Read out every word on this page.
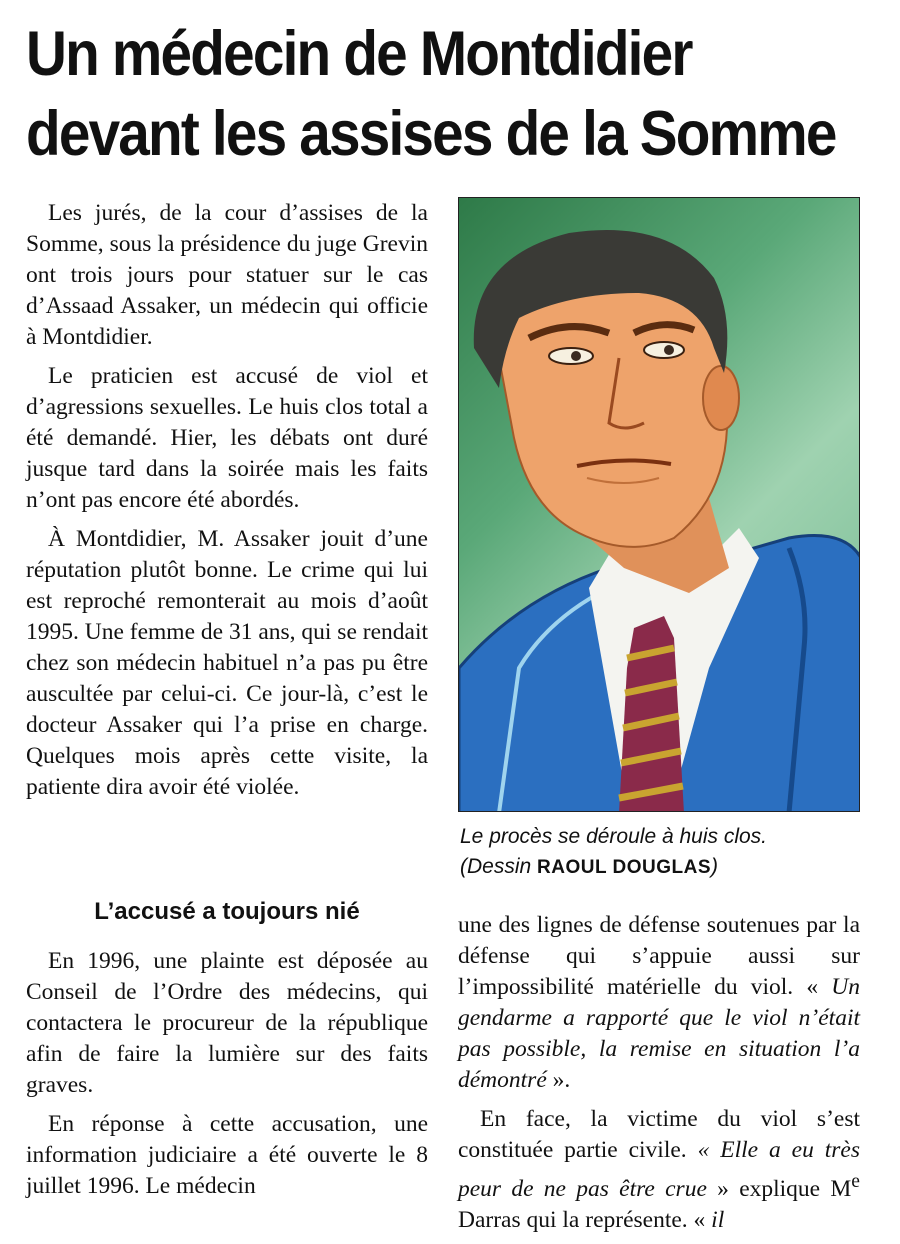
Un médecin de Montdidier
devant les assises de la Somme

Les jurés, de la cour d’assises de la Somme, sous la présidence du juge Grevin ont trois jours pour statuer sur le cas d’Assaad Assaker, un médecin qui officie à Montdidier.

Le praticien est accusé de viol et d’agressions sexuelles. Le huis clos total a été demandé. Hier, les débats ont duré jusque tard dans la soirée mais les faits n’ont pas encore été abordés.

À Montdidier, M. Assaker jouit d’une réputation plutôt bonne. Le crime qui lui est reproché remonterait au mois d’août 1995. Une femme de 31 ans, qui se rendait chez son médecin habituel n’a pas pu être auscultée par celui-ci. Ce jour-là, c’est le docteur Assaker qui l’a prise en charge. Quelques mois après cette visite, la patiente dira avoir été violée.

L’accusé a toujours nié

En 1996, une plainte est déposée au Conseil de l’Ordre des médecins, qui contactera le procureur de la république afin de faire la lumière sur des faits graves.

En réponse à cette accusation, une information judiciaire a été ouverte le 8 juillet 1996. Le médecin

Le procès se déroule à huis clos.
(Dessin RAOUL DOUGLAS)

une des lignes de défense soutenues par la défense qui s’appuie aussi sur l’impossibilité matérielle du viol. « Un gendarme a rapporté que le viol n’était pas possible, la remise en situation l’a démontré ».

En face, la victime du viol s’est constituée partie civile. « Elle a eu très peur de ne pas être crue » explique Me Darras qui la représente. « il
